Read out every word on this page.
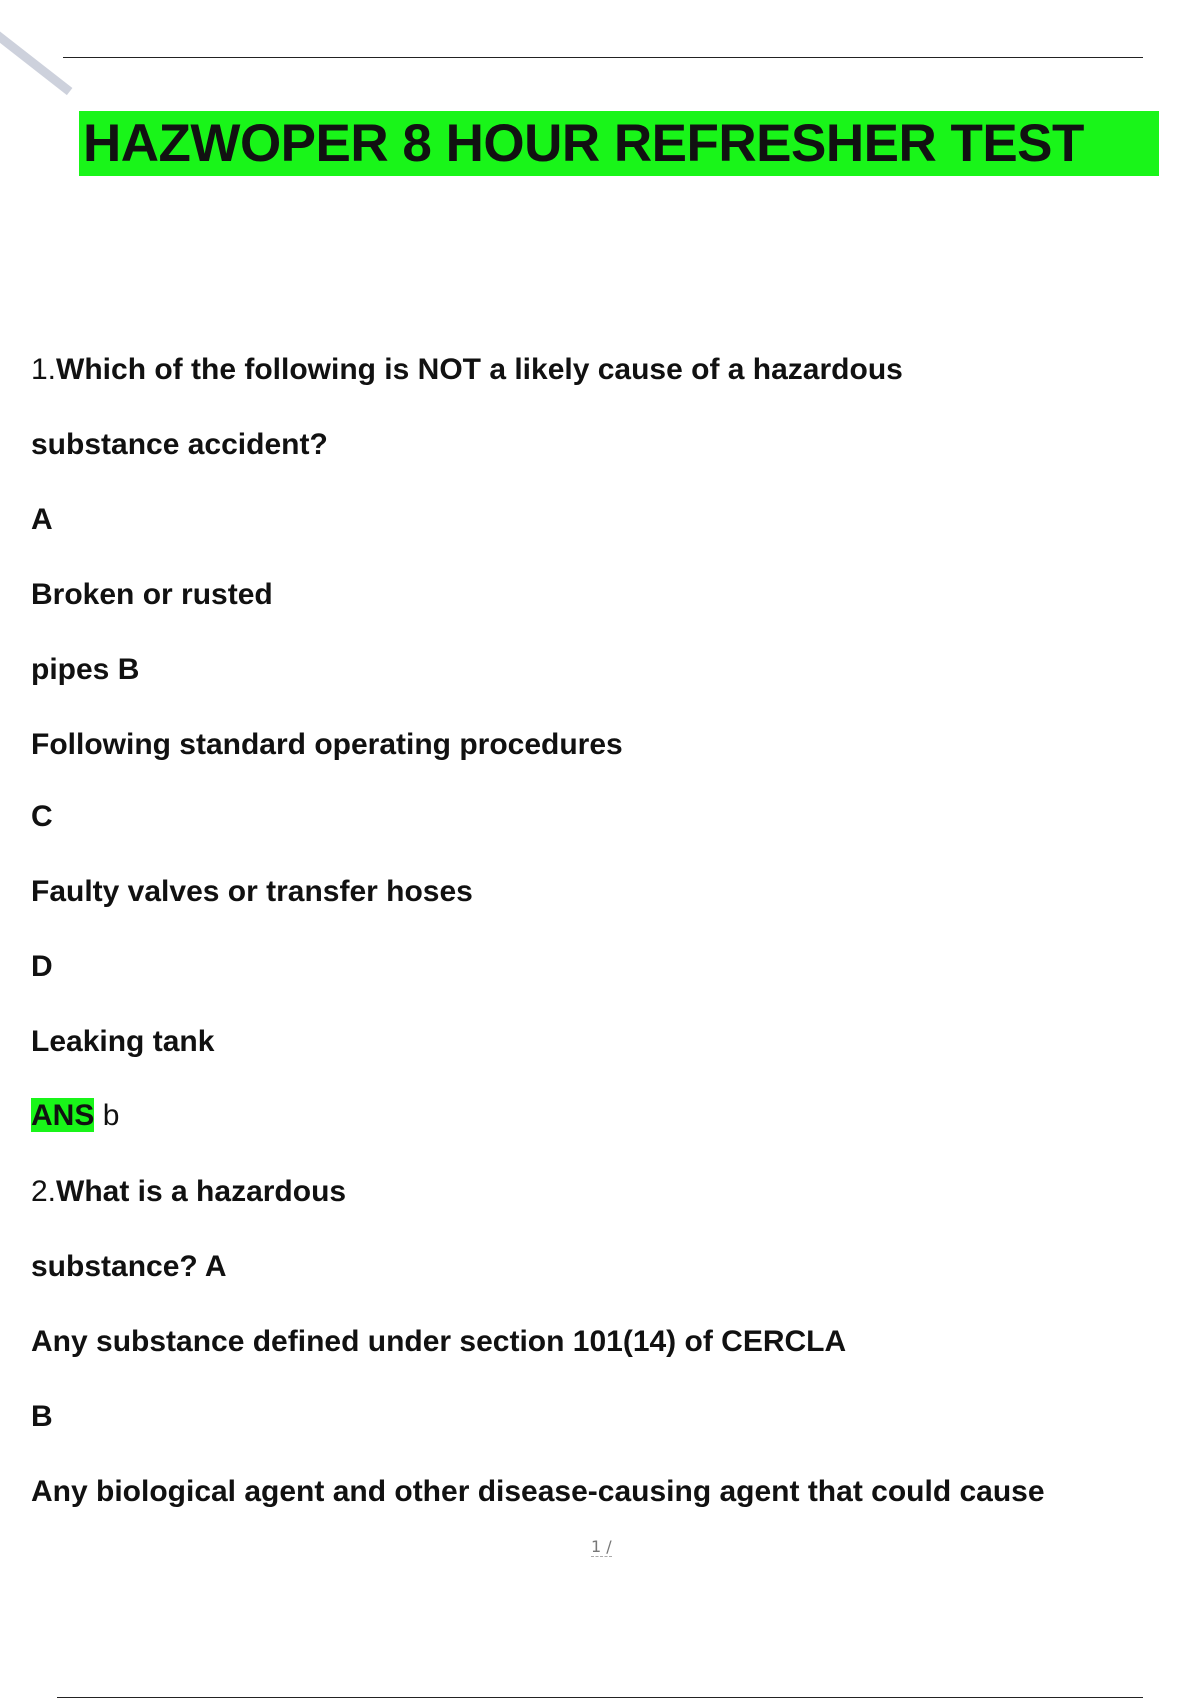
HAZWOPER 8 HOUR REFRESHER TEST
1.Which of the following is NOT a likely cause of a hazardous
substance accident?
A
Broken or rusted
pipes B
Following standard operating procedures
C
Faulty valves or transfer hoses
D
Leaking tank
ANS b
2.What is a hazardous
substance? A
Any substance defined under section 101(14) of CERCLA
B
Any biological agent and other disease-causing agent that could cause
1 /
